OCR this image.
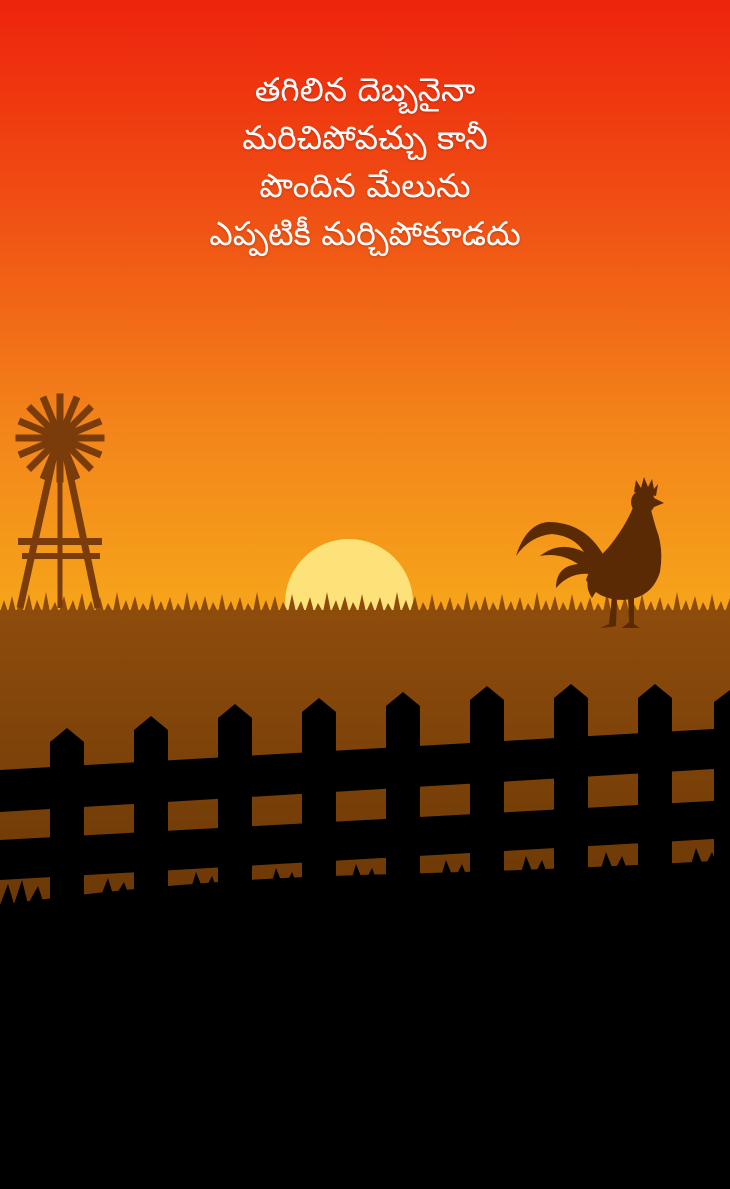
తగిలిన దెబ్బనైనా
మరిచిపోవచ్చు కానీ
పొందిన మేలును
ఎప్పటికీ మర్చిపోకూడదు
